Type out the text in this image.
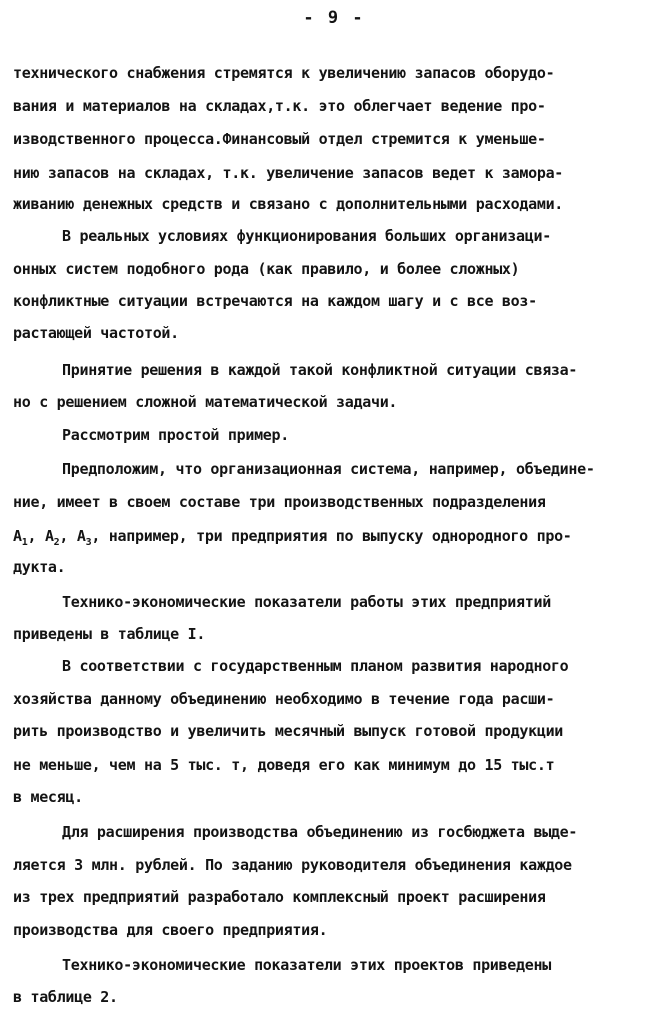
- 9 -
технического снабжения стремятся к увеличению запасов оборудо-
вания и материалов на складах,т.к. это облегчает ведение про-
изводственного процесса.Финансовый отдел стремится к уменьше-
нию запасов на складах, т.к. увеличение запасов ведет к замора-
живанию денежных средств и связано с дополнительными расходами.
В реальных условиях функционирования больших организаци-
онных систем подобного рода (как правило, и более сложных)
конфликтные ситуации встречаются на каждом шагу и с все воз-
растающей частотой.
Принятие решения в каждой такой конфликтной ситуации связа-
но с решением сложной математической задачи.
Рассмотрим простой пример.
Предположим, что организационная система, например, объедине-
ние, имеет в своем составе три производственных подразделения
$A_1$, $A_2$, $A_3$, например, три предприятия по выпуску однородного про-
дукта.
Технико-экономические показатели работы этих предприятий
приведены в таблице I.
В соответствии с государственным планом развития народного
хозяйства данному объединению необходимо в течение года расши-
рить производство и увеличить месячный выпуск готовой продукции
не меньше, чем на 5 тыс. т, доведя его как минимум до 15 тыс.т
в месяц.
Для расширения производства объединению из госбюджета выде-
ляется 3 млн. рублей. По заданию руководителя объединения каждое
из трех предприятий разработало комплексный проект расширения
производства для своего предприятия.
Технико-экономические показатели этих проектов приведены
в таблице 2.
